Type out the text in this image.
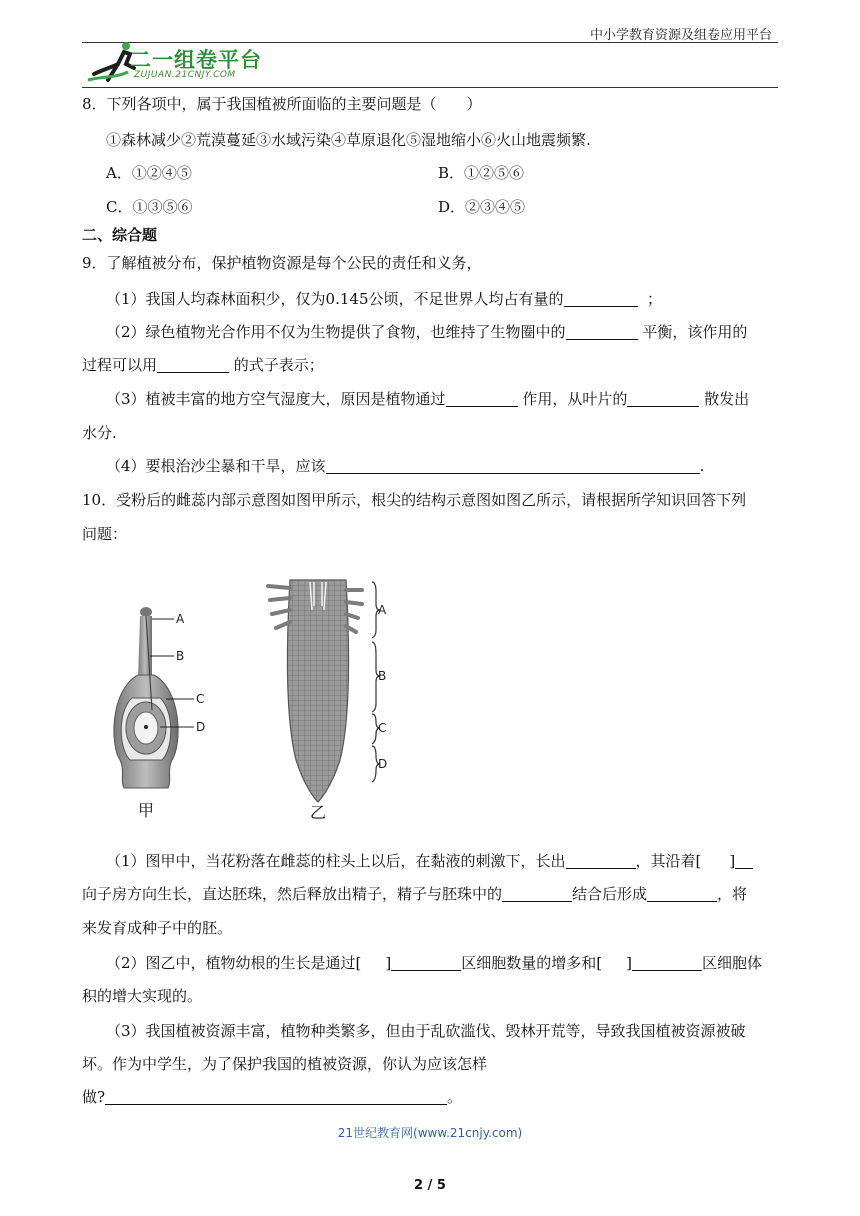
中小学教育资源及组卷应用平台
二一组卷平台
ZUJUAN.21CNJY.COM
8．下列各项中，属于我国植被所面临的主要问题是（　　）
①森林减少②荒漠蔓延③水域污染④草原退化⑤湿地缩小⑥火山地震频繁.
A．①②④⑤	B．①②⑤⑥
C．①③⑤⑥	D．②③④⑤
二、综合题
9．了解植被分布，保护植物资源是每个公民的责任和义务，
（1）我国人均森林面积少，仅为0.145公顷，不足世界人均占有量的	；
（2）绿色植物光合作用不仅为生物提供了食物，也维持了生物圈中的	平衡，该作用的
过程可以用	的式子表示；
（3）植被丰富的地方空气湿度大，原因是植物通过	作用，从叶片的	散发出
水分.
（4）要根治沙尘暴和干旱，应该	.
10．受粉后的雌蕊内部示意图如图甲所示，根尖的结构示意图如图乙所示，请根据所学知识回答下列
问题：
A
B
C
D
甲
A
B
C
D
乙
（1）图甲中，当花粉落在雌蕊的柱头上以后，在黏液的刺激下，长出	，其沿着[ ]
向子房方向生长，直达胚珠，然后释放出精子，精子与胚珠中的	结合后形成	，将
来发育成种子中的胚。
（2）图乙中，植物幼根的生长是通过[ ]	区细胞数量的增多和[ ]	区细胞体
积的增大实现的。
（3）我国植被资源丰富，植物种类繁多，但由于乱砍滥伐、毁林开荒等，导致我国植被资源被破
坏。作为中学生，为了保护我国的植被资源，你认为应该怎样
做?	。
21世纪教育网(www.21cnjy.com)
2 / 5
